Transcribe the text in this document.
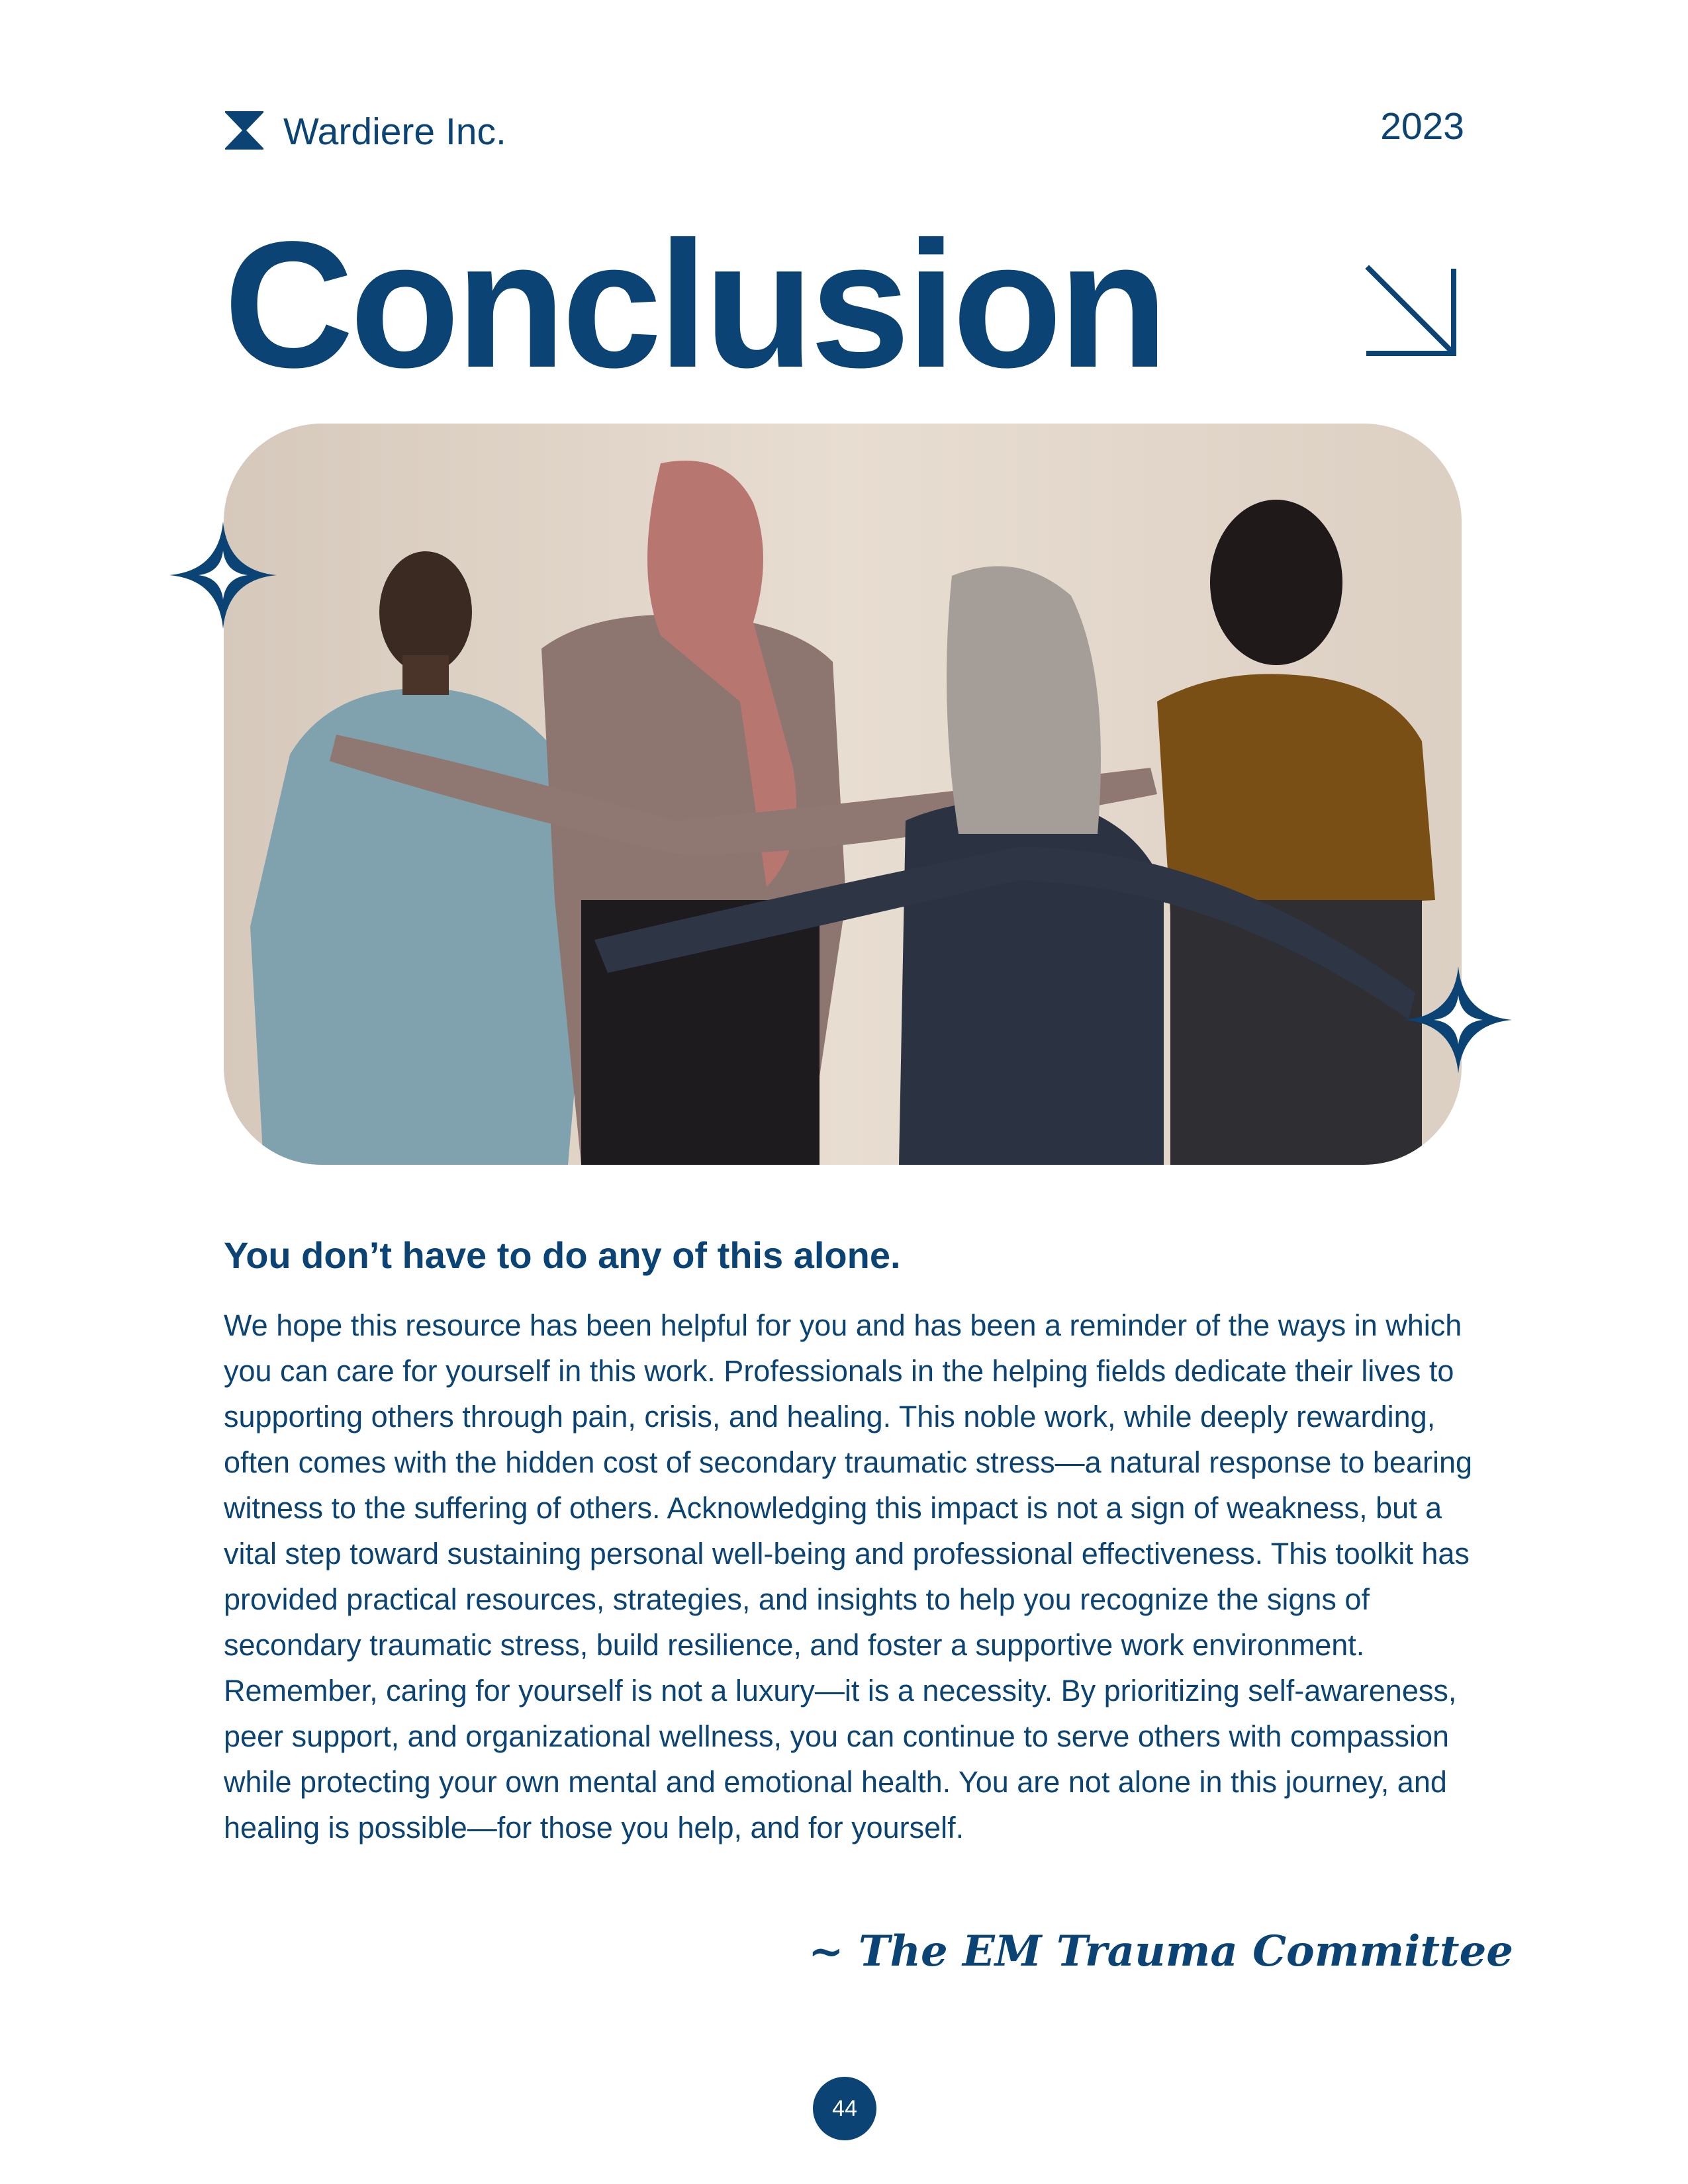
Wardiere Inc.	2023
Conclusion
You don’t have to do any of this alone.

We hope this resource has been helpful for you and has been a reminder of the ways in which you can care for yourself in this work. Professionals in the helping fields dedicate their lives to supporting others through pain, crisis, and healing. This noble work, while deeply rewarding, often comes with the hidden cost of secondary traumatic stress—a natural response to bearing witness to the suffering of others. Acknowledging this impact is not a sign of weakness, but a vital step toward sustaining personal well-being and professional effectiveness. This toolkit has provided practical resources, strategies, and insights to help you recognize the signs of secondary traumatic stress, build resilience, and foster a supportive work environment. Remember, caring for yourself is not a luxury—it is a necessity. By prioritizing self-awareness, peer support, and organizational wellness, you can continue to serve others with compassion while protecting your own mental and emotional health. You are not alone in this journey, and healing is possible—for those you help, and for yourself.

~ The EM Trauma Committee
44
